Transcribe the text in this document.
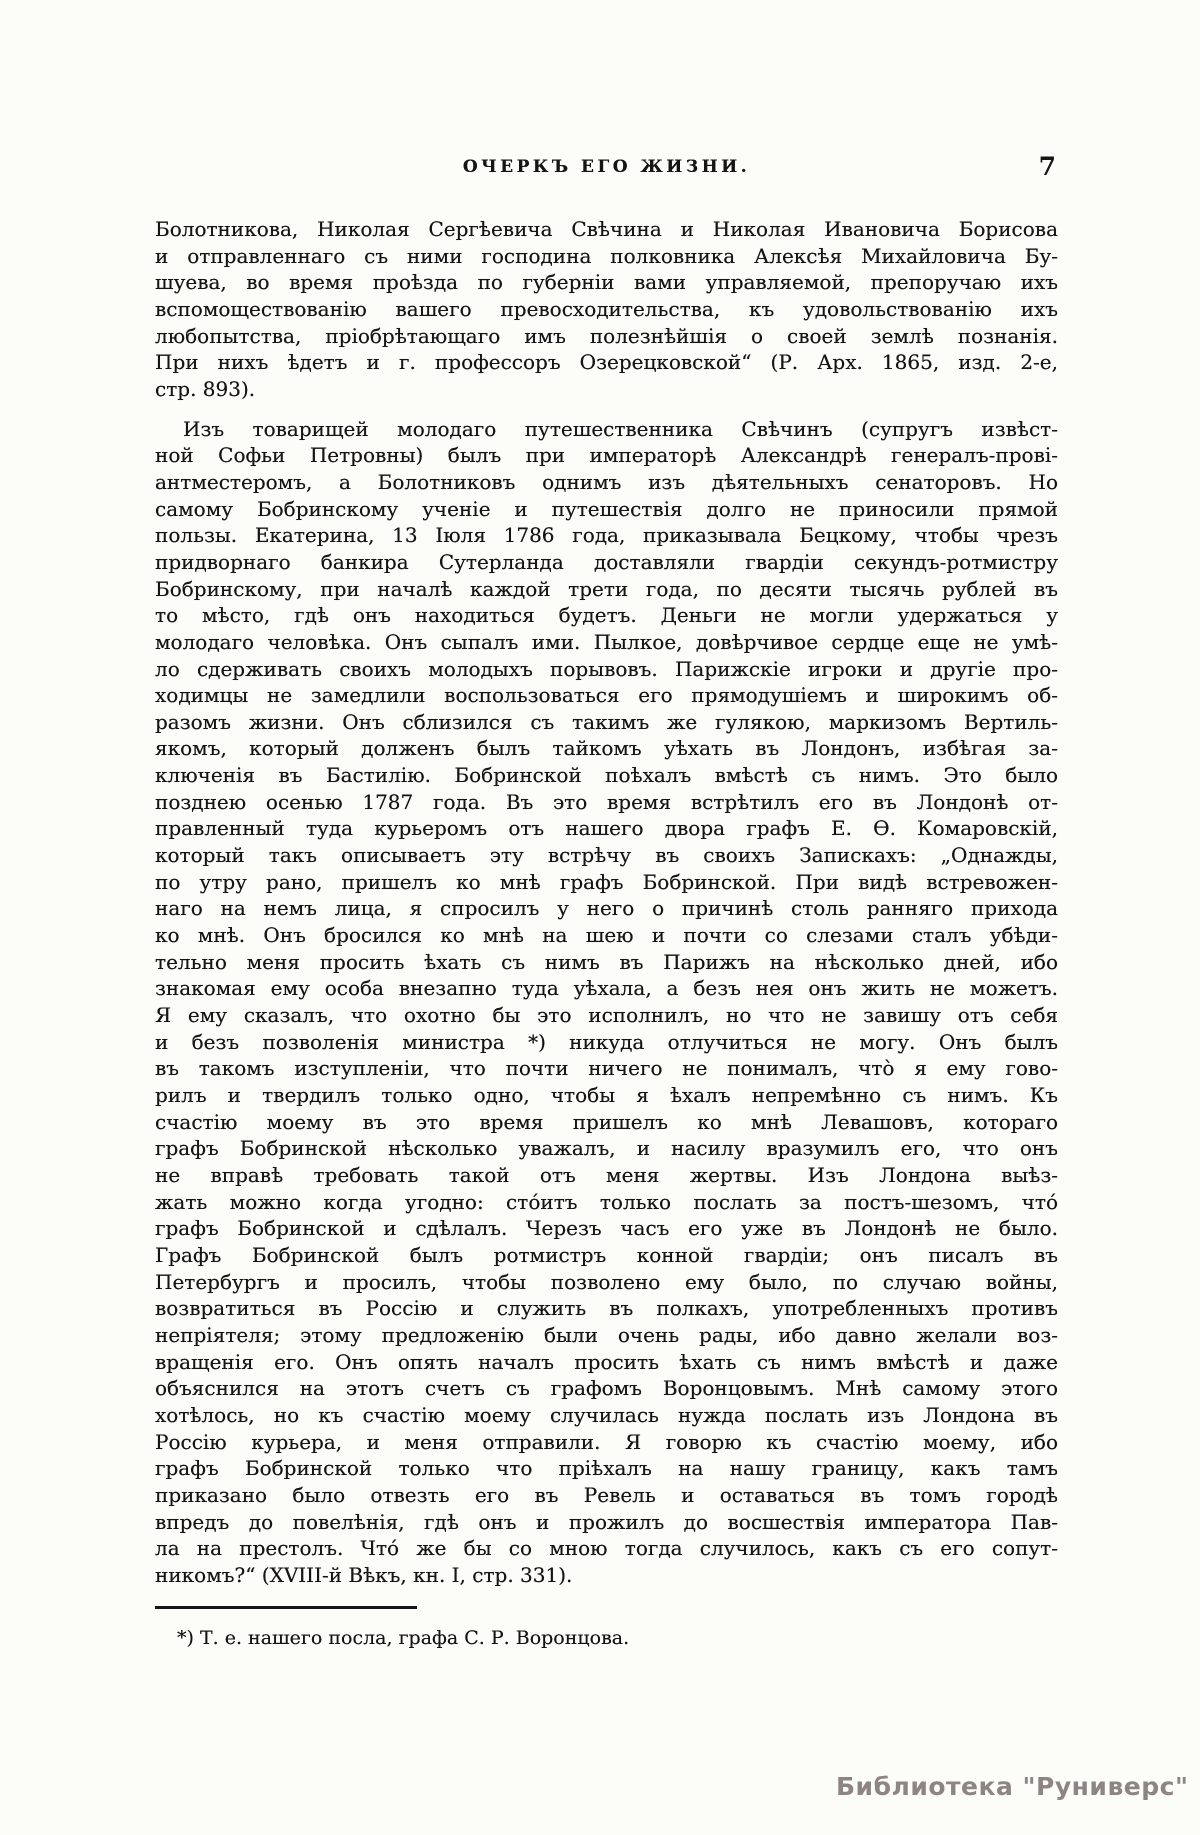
ОЧЕРКЪ ЕГО ЖИЗНИ.	7
Болотникова, Николая Сергѣевича Свѣчина и Николая Ивановича Борисова
и отправленнаго съ ними господина полковника Алексѣя Михайловича Бу-
шуева, во время проѣзда по губерніи вами управляемой, препоручаю ихъ
вспомоществованію вашего превосходительства, къ удовольствованію ихъ
любопытства, пріобрѣтающаго имъ полезнѣйшія о своей землѣ познанія.
При нихъ ѣдетъ и г. профессоръ Озерецковской“ (Р. Арх. 1865, изд. 2-е,
стр. 893).
Изъ товарищей молодаго путешественника Свѣчинъ (супругъ извѣст-
ной Софьи Петровны) былъ при императорѣ Александрѣ генералъ-прові-
антместеромъ, а Болотниковъ однимъ изъ дѣятельныхъ сенаторовъ. Но
самому Бобринскому ученіе и путешествія долго не приносили прямой
пользы. Екатерина, 13 Іюля 1786 года, приказывала Бецкому, чтобы чрезъ
придворнаго банкира Сутерланда доставляли гвардіи секундъ-ротмистру
Бобринскому, при началѣ каждой трети года, по десяти тысячь рублей въ
то мѣсто, гдѣ онъ находиться будетъ. Деньги не могли удержаться у
молодаго человѣка. Онъ сыпалъ ими. Пылкое, довѣрчивое сердце еще не умѣ-
ло сдерживать своихъ молодыхъ порывовъ. Парижскіе игроки и другіе про-
ходимцы не замедлили воспользоваться его прямодушіемъ и широкимъ об-
разомъ жизни. Онъ сблизился съ такимъ же гулякою, маркизомъ Вертиль-
якомъ, который долженъ былъ тайкомъ уѣхать въ Лондонъ, избѣгая за-
ключенія въ Бастилію. Бобринской поѣхалъ вмѣстѣ съ нимъ. Это было
позднею осенью 1787 года. Въ это время встрѣтилъ его въ Лондонѣ от-
правленный туда курьеромъ отъ нашего двора графъ Е. Ѳ. Комаровскій,
который такъ описываетъ эту встрѣчу въ своихъ Запискахъ: „Однажды,
по утру рано, пришелъ ко мнѣ графъ Бобринской. При видѣ встревожен-
наго на немъ лица, я спросилъ у него о причинѣ столь ранняго прихода
ко мнѣ. Онъ бросился ко мнѣ на шею и почти со слезами сталъ убѣди-
тельно меня просить ѣхать съ нимъ въ Парижъ на нѣсколько дней, ибо
знакомая ему особа внезапно туда уѣхала, а безъ нея онъ жить не можетъ.
Я ему сказалъ, что охотно бы это исполнилъ, но что не завишу отъ себя
и безъ позволенія министра *) никуда отлучиться не могу. Онъ былъ
въ такомъ изступленіи, что почти ничего не понималъ, что̀ я ему гово-
рилъ и твердилъ только одно, чтобы я ѣхалъ непремѣнно съ нимъ. Къ
счастію моему въ это время пришелъ ко мнѣ Левашовъ, котораго
графъ Бобринской нѣсколько уважалъ, и насилу вразумилъ его, что онъ
не вправѣ требовать такой отъ меня жертвы. Изъ Лондона выѣз-
жать можно когда угодно: сто́итъ только послать за постъ-шезомъ, что́
графъ Бобринской и сдѣлалъ. Черезъ часъ его уже въ Лондонѣ не было.
Графъ Бобринской былъ ротмистръ конной гвардіи; онъ писалъ въ
Петербургъ и просилъ, чтобы позволено ему было, по случаю войны,
возвратиться въ Россію и служить въ полкахъ, употребленныхъ противъ
непріятеля; этому предложенію были очень рады, ибо давно желали воз-
вращенія его. Онъ опять началъ просить ѣхать съ нимъ вмѣстѣ и даже
объяснился на этотъ счетъ съ графомъ Воронцовымъ. Мнѣ самому этого
хотѣлось, но къ счастію моему случилась нужда послать изъ Лондона въ
Россію курьера, и меня отправили. Я говорю къ счастію моему, ибо
графъ Бобринской только что пріѣхалъ на нашу границу, какъ тамъ
приказано было отвезть его въ Ревель и оставаться въ томъ городѣ
впредъ до повелѣнія, гдѣ онъ и прожилъ до восшествія императора Пав-
ла на престолъ. Что́ же бы со мною тогда случилось, какъ съ его сопут-
никомъ?“ (XVIII-й Вѣкъ, кн. I, стр. 331).
*) Т. е. нашего посла, графа С. Р. Воронцова.
Библиотека "Руниверс"
